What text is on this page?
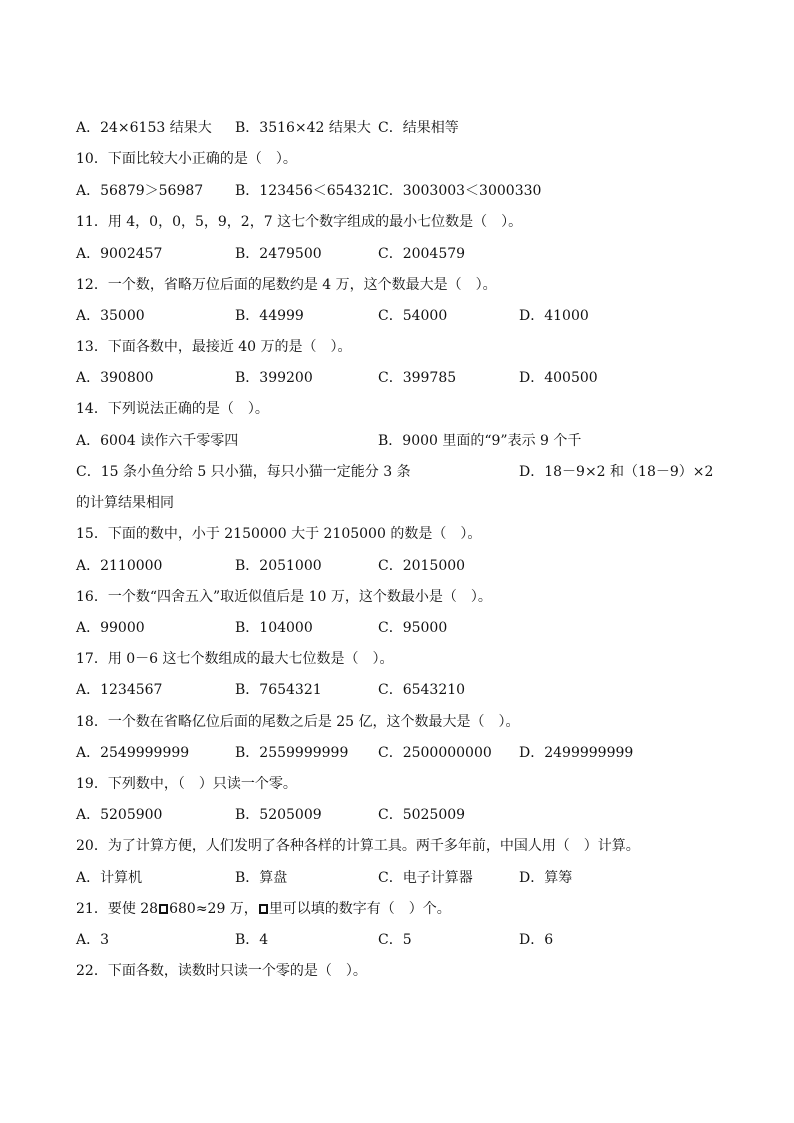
A．24×6153 结果大 B．3516×42 结果大 C．结果相等
10．下面比较大小正确的是（　）。
A．56879＞56987 B．123456＜654321
C．3003003＜3000330
11．用 4，0，0，5，9，2，7 这七个数字组成的最小七位数是（　）。
A．9002457	B．2479500	C．2004579
12．一个数，省略万位后面的尾数约是 4 万，这个数最大是（　）。
A．35000	B．44999	C．54000	D．41000
13．下面各数中，最接近 40 万的是（　）。
A．390800	B．399200	C．399785	D．400500
14．下列说法正确的是（　）。
A．6004 读作六千零零四	B．9000 里面的“9”表示 9 个千
C．15 条小鱼分给 5 只小猫，每只小猫一定能分 3 条	D．18－9×2 和（18－9）×2
的计算结果相同
15．下面的数中，小于 2150000 大于 2105000 的数是（　）。
A．2110000	B．2051000	C．2015000
16．一个数“四舍五入”取近似值后是 10 万，这个数最小是（　）。
A．99000	B．104000	C．95000
17．用 0－6 这七个数组成的最大七位数是（　）。
A．1234567	B．7654321	C．6543210
18．一个数在省略亿位后面的尾数之后是 25 亿，这个数最大是（　）。
A．2549999999	B．2559999999 C．2500000000 D．2499999999
19．下列数中，（　）只读一个零。
A．5205900	B．5205009	C．5025009
20．为了计算方便，人们发明了各种各样的计算工具。两千多年前，中国人用（　）计算。
A．计算机	B．算盘	C．电子计算器	D．算筹
21．要使 28 680≈29 万， 里可以填的数字有（　）个。
A．3	B．4	C．5	D．6
22．下面各数，读数时只读一个零的是（　）。
